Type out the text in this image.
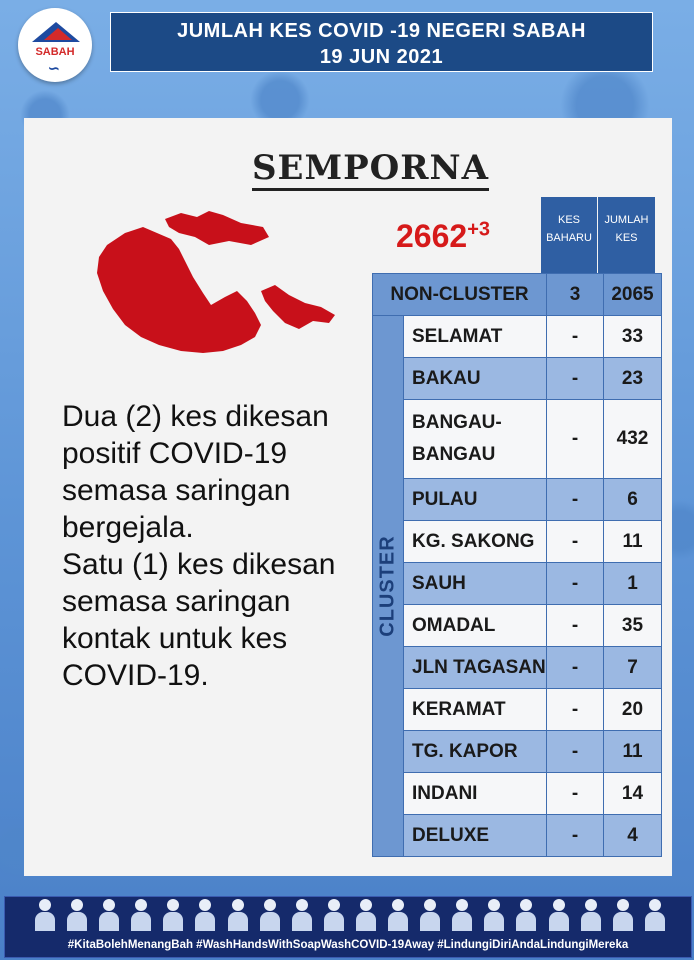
SABAH
∽
JUMLAH KES COVID -19 NEGERI SABAH
19 JUN 2021
SEMPORNA
$2662^{+3}$	KES BAHARU
JUMLAH KES
NON-CLUSTER		3	2065

CLUSTER	SELAMAT	-	33
	BAKAU	-	23
	BANGAU-BANGAU	-	432
	PULAU	-	6
	KG. SAKONG	-	11
	SAUH	-	1
	OMADAL	-	35
	JLN TAGASAN	-	7
	KERAMAT	-	20
	TG. KAPOR	-	11
	INDANI	-	14
	DELUXE	-	4

Dua (2) kes dikesan positif COVID-19 semasa saringan bergejala.

Satu (1) kes dikesan semasa saringan kontak untuk kes COVID-19.

#KitaBolehMenangBah #WashHandsWithSoapWashCOVID-19Away #LindungiDiriAndaLindungiMereka
